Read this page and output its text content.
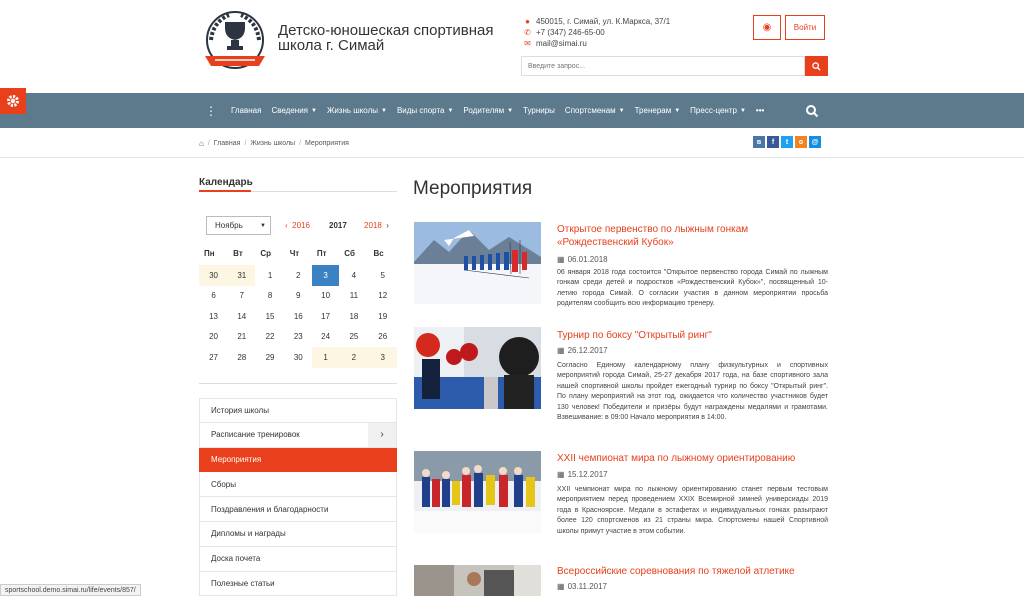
Детско-юношеская спортивная школа г. Симай
● 450015, г. Симай, ул. К.Маркса, 37/1
✆ +7 (347) 246-65-00
✉ mail@simai.ru
◉	Войти
Введите запрос...
⋮ Главная Сведения ▼ Жизнь школы ▼ Виды спорта ▼ Родителям ▼ Турниры Спортсменам ▼ Тренерам ▼ Пресс-центр ▼ •••
⌂ / Главная / Жизнь школы / Мероприятия	в	f	t	o	@
Календарь
Ноябрь	▼ ‹ 2016 2017 2018 ›
Пн	Вт	Ср	Чт	Пт	Сб	Вс
30	31	1	2	3	4	5
6	7	8	9	10	11	12
13	14	15	16	17	18	19
20	21	22	23	24	25	26
27	28	29	30	1	2	3
История школы
Расписание тренировок	›
Мероприятия
Сборы
Поздравления и благодарности
Дипломы и награды
Доска почета
Полезные статьи
Мероприятия
Открытое первенство по лыжным гонкам «Рождественский Кубок»
▦ 06.01.2018
06 января 2018 года состоится "Открытое первенство города Симай по лыжным гонкам среди детей и подростков «Рождественский Кубок»", посвященный 10- летию города Симай. О согласии участия в данном мероприятии просьба родителям сообщить всю информацию тренеру.
Турнир по боксу "Открытый ринг"
▦ 26.12.2017
Согласно Единому календарному плану физкультурных и спортивных мероприятий города Симай, 25-27 декабря 2017 года, на базе спортивного зала нашей спортивной школы пройдет ежегодный турнир по боксу "Открытый ринг". По плану мероприятий на этот год, ожидается что количество участников будет 130 человек! Победители и призёры будут награждены медалями и грамотами. Взвешивание: в 09:00 Начало мероприятия в 14:00.
XXII чемпионат мира по лыжному ориентированию
▦ 15.12.2017
XXII чемпионат мира по лыжному ориентированию станет первым тестовым мероприятием перед проведением XXIX Всемирной зимней универсиады 2019 года в Красноярске. Медали в эстафетах и индивидуальных гонках разыграют более 120 спортсменов из 21 страны мира. Спортсмены нашей Спортивной школы примут участие в этом событии.
Всероссийские соревнования по тяжелой атлетике
▦ 03.11.2017
sportschool.demo.simai.ru/life/events/857/
